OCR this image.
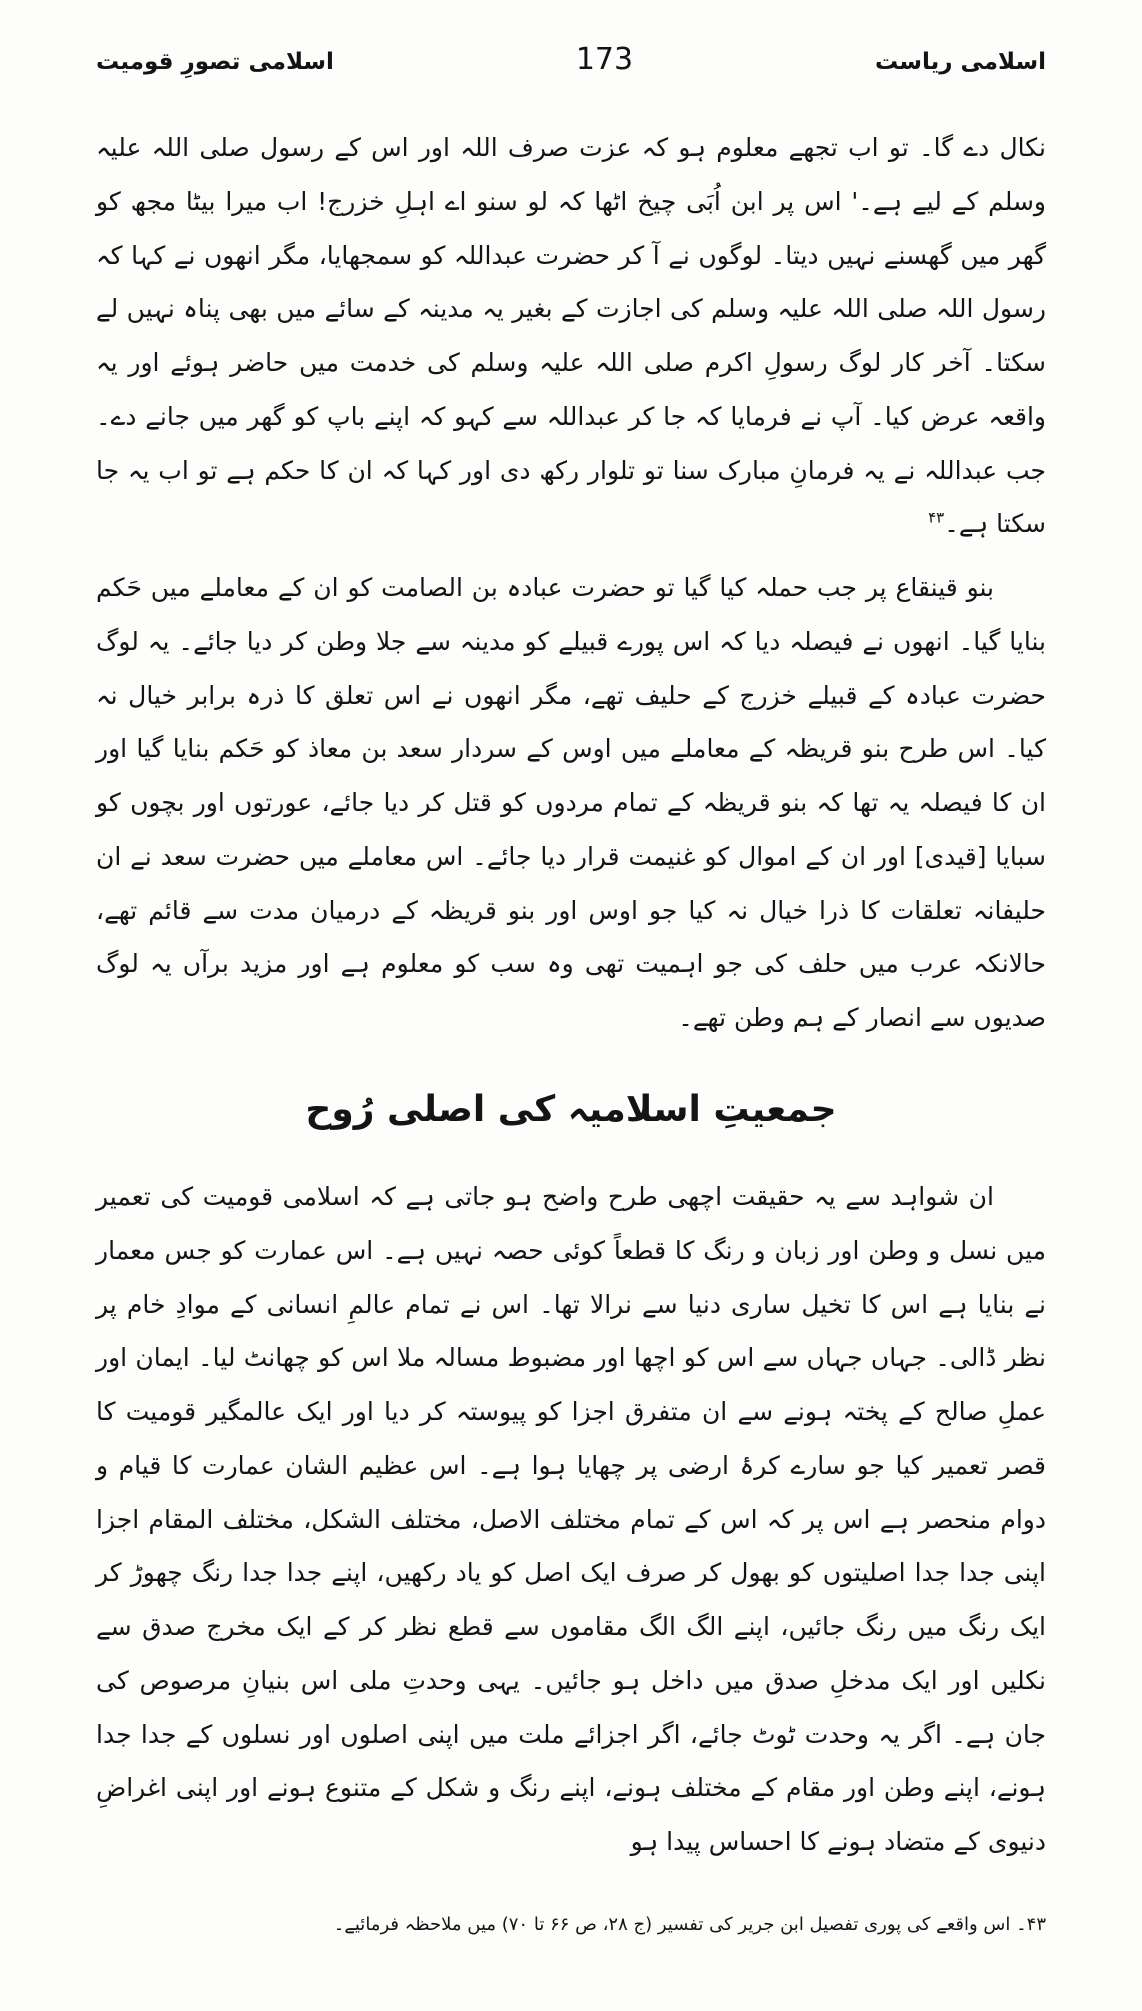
اسلامی ریاست
173
اسلامی تصورِ قومیت

نکال دے گا۔ تو اب تجھے معلوم ہو کہ عزت صرف اللہ اور اس کے رسول صلی اللہ علیہ وسلم کے لیے ہے۔' اس پر ابن اُبَی چیخ اٹھا کہ لو سنو اے اہلِ خزرج! اب میرا بیٹا مجھ کو گھر میں گھسنے نہیں دیتا۔ لوگوں نے آ کر حضرت عبداللہ کو سمجھایا، مگر انھوں نے کہا کہ رسول اللہ صلی اللہ علیہ وسلم کی اجازت کے بغیر یہ مدینہ کے سائے میں بھی پناہ نہیں لے سکتا۔ آخر کار لوگ رسولِ اکرم صلی اللہ علیہ وسلم کی خدمت میں حاضر ہوئے اور یہ واقعہ عرض کیا۔ آپ نے فرمایا کہ جا کر عبداللہ سے کہو کہ اپنے باپ کو گھر میں جانے دے۔ جب عبداللہ نے یہ فرمانِ مبارک سنا تو تلوار رکھ دی اور کہا کہ ان کا حکم ہے تو اب یہ جا سکتا ہے۔$^{۴۳}$

بنو قینقاع پر جب حملہ کیا گیا تو حضرت عبادہ بن الصامت کو ان کے معاملے میں حَکم بنایا گیا۔ انھوں نے فیصلہ دیا کہ اس پورے قبیلے کو مدینہ سے جلا وطن کر دیا جائے۔ یہ لوگ حضرت عبادہ کے قبیلے خزرج کے حلیف تھے، مگر انھوں نے اس تعلق کا ذرہ برابر خیال نہ کیا۔ اس طرح بنو قریظہ کے معاملے میں اوس کے سردار سعد بن معاذ کو حَکم بنایا گیا اور ان کا فیصلہ یہ تھا کہ بنو قریظہ کے تمام مردوں کو قتل کر دیا جائے، عورتوں اور بچوں کو سبایا [قیدی] اور ان کے اموال کو غنیمت قرار دیا جائے۔ اس معاملے میں حضرت سعد نے ان حلیفانہ تعلقات کا ذرا خیال نہ کیا جو اوس اور بنو قریظہ کے درمیان مدت سے قائم تھے، حالانکہ عرب میں حلف کی جو اہمیت تھی وہ سب کو معلوم ہے اور مزید برآں یہ لوگ صدیوں سے انصار کے ہم وطن تھے۔

جمعیتِ اسلامیہ کی اصلی رُوح

ان شواہد سے یہ حقیقت اچھی طرح واضح ہو جاتی ہے کہ اسلامی قومیت کی تعمیر میں نسل و وطن اور زبان و رنگ کا قطعاً کوئی حصہ نہیں ہے۔ اس عمارت کو جس معمار نے بنایا ہے اس کا تخیل ساری دنیا سے نرالا تھا۔ اس نے تمام عالمِ انسانی کے موادِ خام پر نظر ڈالی۔ جہاں جہاں سے اس کو اچھا اور مضبوط مسالہ ملا اس کو چھانٹ لیا۔ ایمان اور عملِ صالح کے پختہ ہونے سے ان متفرق اجزا کو پیوستہ کر دیا اور ایک عالمگیر قومیت کا قصر تعمیر کیا جو سارے کرۂ ارضی پر چھایا ہوا ہے۔ اس عظیم الشان عمارت کا قیام و دوام منحصر ہے اس پر کہ اس کے تمام مختلف الاصل، مختلف الشکل، مختلف المقام اجزا اپنی جدا جدا اصلیتوں کو بھول کر صرف ایک اصل کو یاد رکھیں، اپنے جدا جدا رنگ چھوڑ کر ایک رنگ میں رنگ جائیں، اپنے الگ الگ مقاموں سے قطع نظر کر کے ایک مخرج صدق سے نکلیں اور ایک مدخلِ صدق میں داخل ہو جائیں۔ یہی وحدتِ ملی اس بنیانِ مرصوص کی جان ہے۔ اگر یہ وحدت ٹوٹ جائے، اگر اجزائے ملت میں اپنی اصلوں اور نسلوں کے جدا جدا ہونے، اپنے وطن اور مقام کے مختلف ہونے، اپنے رنگ و شکل کے متنوع ہونے اور اپنی اغراضِ دنیوی کے متضاد ہونے کا احساس پیدا ہو

۴۳۔ اس واقعے کی پوری تفصیل ابن جریر کی تفسیر (ج ۲۸، ص ۶۶ تا ۷۰) میں ملاحظہ فرمائیے۔
